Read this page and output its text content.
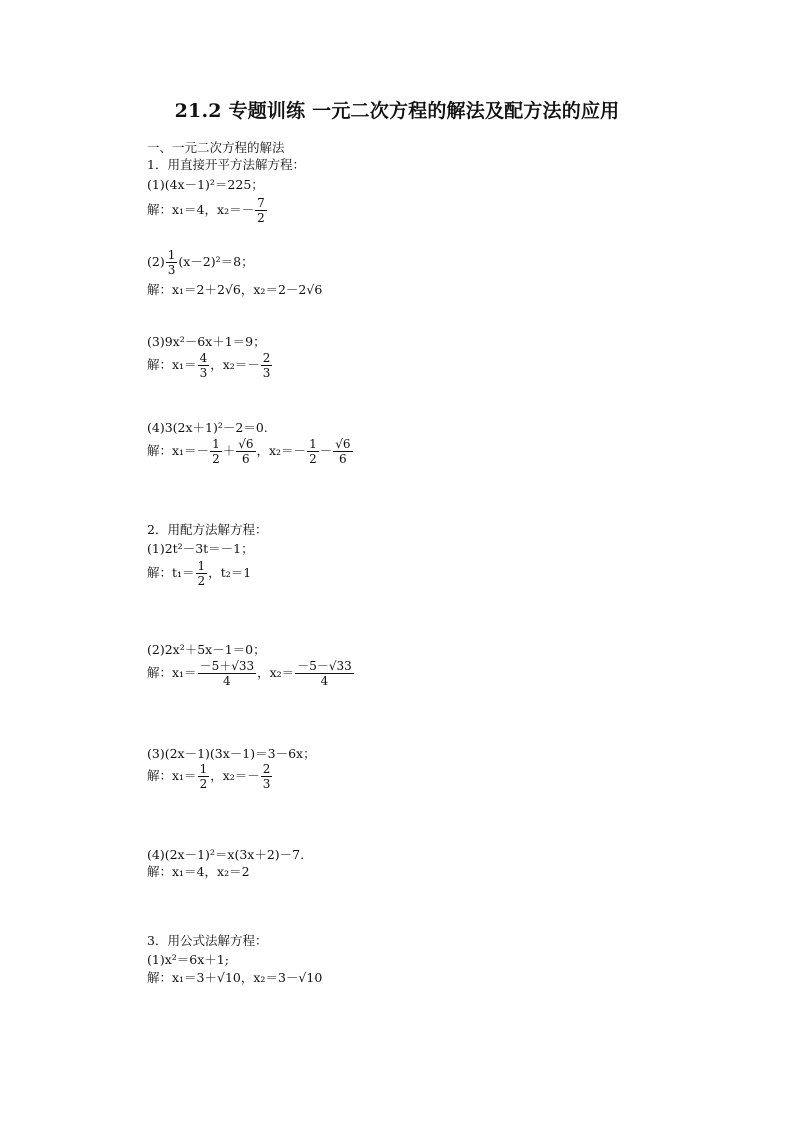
21.2 专题训练 一元二次方程的解法及配方法的应用
一、一元二次方程的解法
1．用直接开平方法解方程：
(1)(4x－1)²＝225；
解：x₁＝4，$x_2=- \frac{7}{2}$
$(2) \frac{1}{3} (x-2)^2=8$；
解：x₁＝2＋2√6，x₂＝2－2√6
(3)9x²－6x＋1＝9；
解：$x_1= \frac{4}{3}$ ，$x_2=- \frac{2}{3}$
(4)3(2x＋1)²－2＝0.
解：$x_1=- \frac{1}{2} + \frac{√6}{6}$ ，$x_2=- \frac{1}{2} - \frac{√6}{6}$
2．用配方法解方程：
(1)2t²－3t＝－1；
解：$t_1= \frac{1}{2}$ ，t₂＝1
(2)2x²＋5x－1＝0；
解：$x_1= \frac{-5+√33}{4}$ ，$x_2= \frac{-5-√33}{4}$
(3)(2x－1)(3x－1)＝3－6x；
解：$x_1= \frac{1}{2}$ ，$x_2=- \frac{2}{3}$
(4)(2x－1)²＝x(3x＋2)－7.
解：x₁＝4，x₂＝2
3．用公式法解方程：
(1)x²＝6x＋1;
解：x₁＝3＋√10，x₂＝3－√10
